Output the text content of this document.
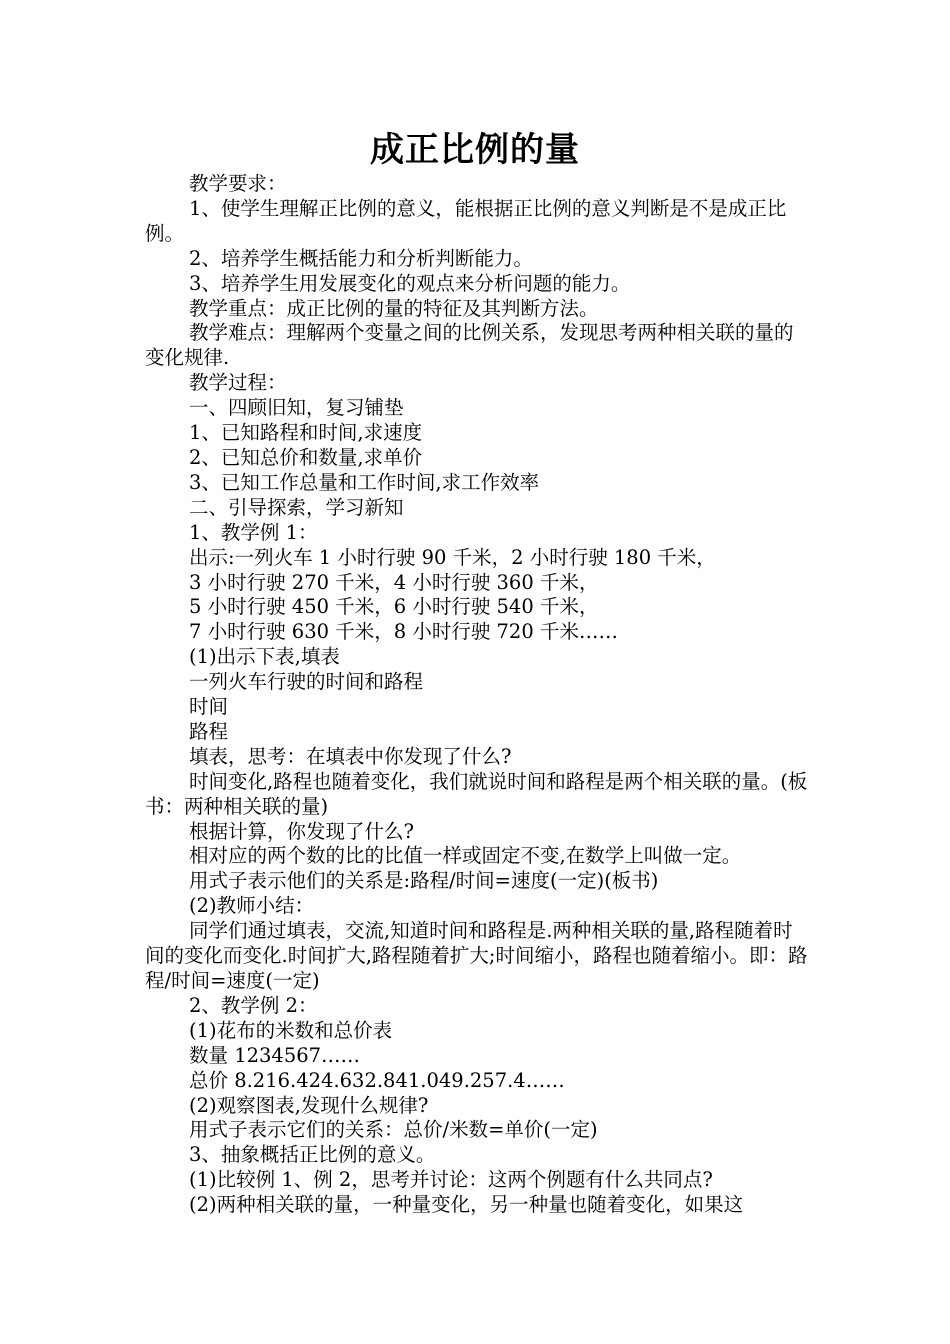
成正比例的量

教学要求：

1、使学生理解正比例的意义，能根据正比例的意义判断是不是成正比例。

2、培养学生概括能力和分析判断能力。

3、培养学生用发展变化的观点来分析问题的能力。

教学重点：成正比例的量的特征及其判断方法。

教学难点：理解两个变量之间的比例关系，发现思考两种相关联的量的变化规律.

教学过程：

一、四顾旧知，复习铺垫

1、已知路程和时间,求速度

2、已知总价和数量,求单价

3、已知工作总量和工作时间,求工作效率

二、引导探索，学习新知

1、教学例 1：

出示:一列火车 1 小时行驶 90 千米，2 小时行驶 180 千米，

3 小时行驶 270 千米，4 小时行驶 360 千米，

5 小时行驶 450 千米，6 小时行驶 540 千米，

7 小时行驶 630 千米，8 小时行驶 720 千米……

(1)出示下表,填表

一列火车行驶的时间和路程

时间

路程

填表，思考：在填表中你发现了什么?

时间变化,路程也随着变化，我们就说时间和路程是两个相关联的量。(板书：两种相关联的量)

根据计算，你发现了什么?

相对应的两个数的比的比值一样或固定不变,在数学上叫做一定。

用式子表示他们的关系是:路程/时间=速度(一定)(板书)

(2)教师小结：

同学们通过填表，交流,知道时间和路程是.两种相关联的量,路程随着时间的变化而变化.时间扩大,路程随着扩大;时间缩小，路程也随着缩小。即：路程/时间=速度(一定)

2、教学例 2：

(1)花布的米数和总价表

数量 1234567……

总价 8.216.424.632.841.049.257.4……

(2)观察图表,发现什么规律?

用式子表示它们的关系：总价/米数=单价(一定)

3、抽象概括正比例的意义。

(1)比较例 1、例 2，思考并讨论：这两个例题有什么共同点?

(2)两种相关联的量，一种量变化，另一种量也随着变化，如果这
